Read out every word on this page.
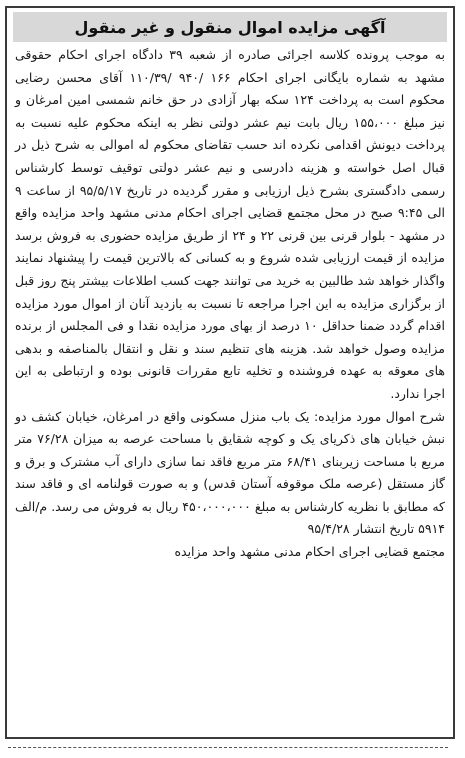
آگهی مزایده اموال منقول و غیر منقول

به موجب پرونده کلاسه اجرائی صادره از شعبه ۳۹ دادگاه اجرای احکام حقوقی مشهد به شماره بایگانی اجرای احکام ۱۶۶ /۹۴۰ /۱۱۰/۳۹ آقای محسن رضایی محکوم است به پرداخت ۱۲۴ سکه بهار آزادی در حق خانم شمسی امین امرغان و نیز مبلغ ۱۵۵،۰۰۰ ریال بابت نیم عشر دولتی نظر به اینکه محکوم علیه نسبت به پرداخت دیونش اقدامی نکرده اند حسب تقاضای محکوم له اموالی به شرح ذیل در قبال اصل خواسته و هزینه دادرسی و نیم عشر دولتی توقیف توسط کارشناس رسمی دادگستری بشرح ذیل ارزیابی و مقرر گردیده در تاریخ ۹۵/۵/۱۷ از ساعت ۹ الی ۹:۴۵ صبح در محل مجتمع قضایی اجرای احکام مدنی مشهد واحد مزایده واقع در مشهد - بلوار قرنی بین قرنی ۲۲ و ۲۴ از طریق مزایده حضوری به فروش برسد مزایده از قیمت ارزیابی شده شروع و به کسانی که بالاترین قیمت را پیشنهاد نمایند واگذار خواهد شد طالبین به خرید می توانند جهت کسب اطلاعات بیشتر پنج روز قبل از برگزاری مزایده به این اجرا مراجعه تا نسبت به بازدید آنان از اموال مورد مزایده اقدام گردد ضمنا حداقل ۱۰ درصد از بهای مورد مزایده نقدا و فی المجلس از برنده مزایده وصول خواهد شد. هزینه های تنظیم سند و نقل و انتقال بالمناصفه و بدهی های معوقه به عهده فروشنده و تخلیه تابع مقررات قانونی بوده و ارتباطی به این اجرا ندارد.

شرح اموال مورد مزایده: یک باب منزل مسکونی واقع در امرغان، خیابان کشف دو نبش خیابان های ذکریای یک و کوچه شقایق با مساحت عرصه به میزان ۷۶/۲۸ متر مربع با مساحت زیربنای ۶۸/۴۱ متر مربع فاقد نما سازی دارای آب مشترک و برق و گاز مستقل (عرصه ملک موقوفه آستان قدس) و به صورت قولنامه ای و فاقد سند که مطابق با نظریه کارشناس به مبلغ ۴۵۰،۰۰۰،۰۰۰ ریال به فروش می رسد. م/الف ۵۹۱۴ تاریخ انتشار ۹۵/۴/۲۸

مجتمع قضایی اجرای احکام مدنی مشهد واحد مزایده
